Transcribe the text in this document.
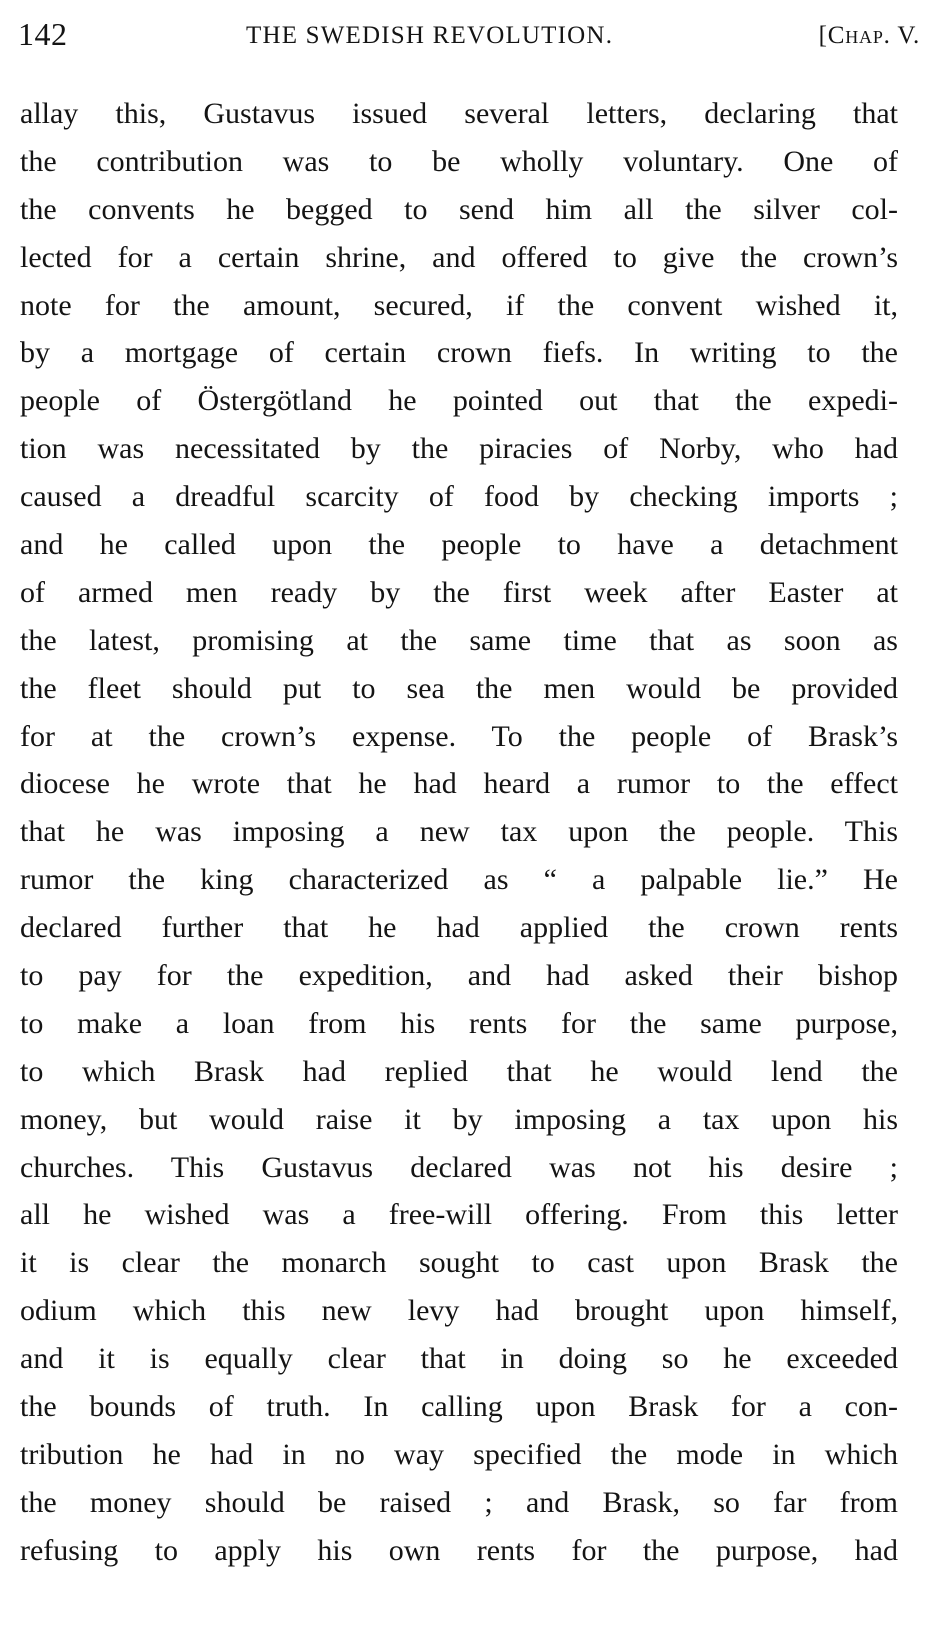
142	THE SWEDISH REVOLUTION.	[Chap. V.
allay this, Gustavus issued several letters, declaring that
the contribution was to be wholly voluntary. One of
the convents he begged to send him all the silver col-
lected for a certain shrine, and offered to give the crown’s
note for the amount, secured, if the convent wished it,
by a mortgage of certain crown fiefs. In writing to the
people of Östergötland he pointed out that the expedi-
tion was necessitated by the piracies of Norby, who had
caused a dreadful scarcity of food by checking imports ;
and he called upon the people to have a detachment
of armed men ready by the first week after Easter at
the latest, promising at the same time that as soon as
the fleet should put to sea the men would be provided
for at the crown’s expense. To the people of Brask’s
diocese he wrote that he had heard a rumor to the effect
that he was imposing a new tax upon the people. This
rumor the king characterized as “ a palpable lie.” He
declared further that he had applied the crown rents
to pay for the expedition, and had asked their bishop
to make a loan from his rents for the same purpose,
to which Brask had replied that he would lend the
money, but would raise it by imposing a tax upon his
churches. This Gustavus declared was not his desire ;
all he wished was a free-will offering. From this letter
it is clear the monarch sought to cast upon Brask the
odium which this new levy had brought upon himself,
and it is equally clear that in doing so he exceeded
the bounds of truth. In calling upon Brask for a con-
tribution he had in no way specified the mode in which
the money should be raised ; and Brask, so far from
refusing to apply his own rents for the purpose, had
